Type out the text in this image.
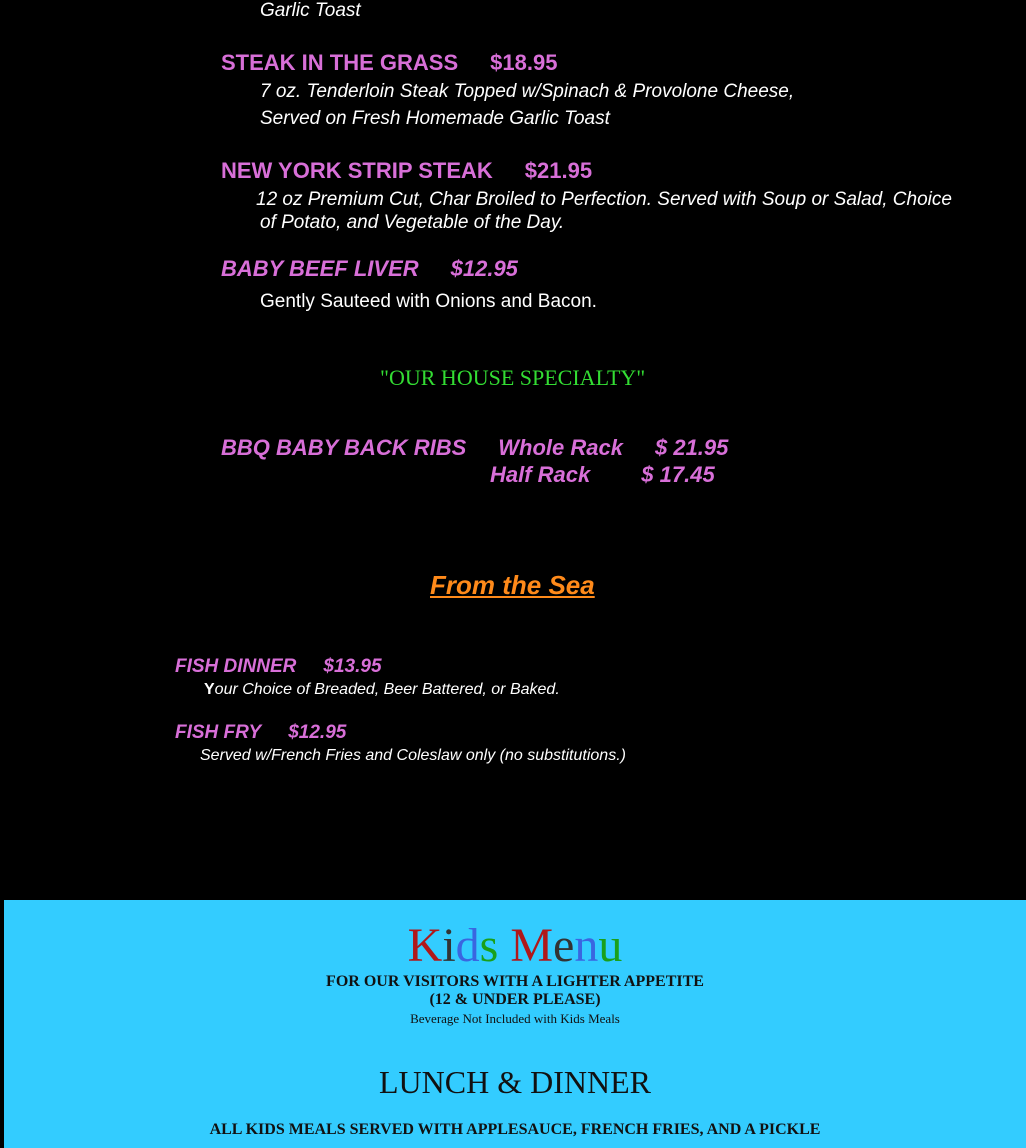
Garlic Toast
STEAK IN THE GRASS $18.95
7 oz. Tenderloin Steak Topped w/Spinach & Provolone Cheese,
Served on Fresh Homemade Garlic Toast
NEW YORK STRIP STEAK $21.95
12 oz Premium Cut, Char Broiled to Perfection. Served with Soup or Salad, Choice
of Potato, and Vegetable of the Day.
BABY BEEF LIVER $12.95
Gently Sauteed with Onions and Bacon.
"OUR HOUSE SPECIALTY"
BBQ BABY BACK RIBS Whole Rack $ 21.95
Half Rack $ 17.45
From the Sea
FISH DINNER $13.95
Your Choice of Breaded, Beer Battered, or Baked.
FISH FRY $12.95
Served w/French Fries and Coleslaw only (no substitutions.)
Kids Menu
FOR OUR VISITORS WITH A LIGHTER APPETITE
(12 & UNDER PLEASE)
Beverage Not Included with Kids Meals
LUNCH & DINNER
ALL KIDS MEALS SERVED WITH APPLESAUCE, FRENCH FRIES, AND A PICKLE
